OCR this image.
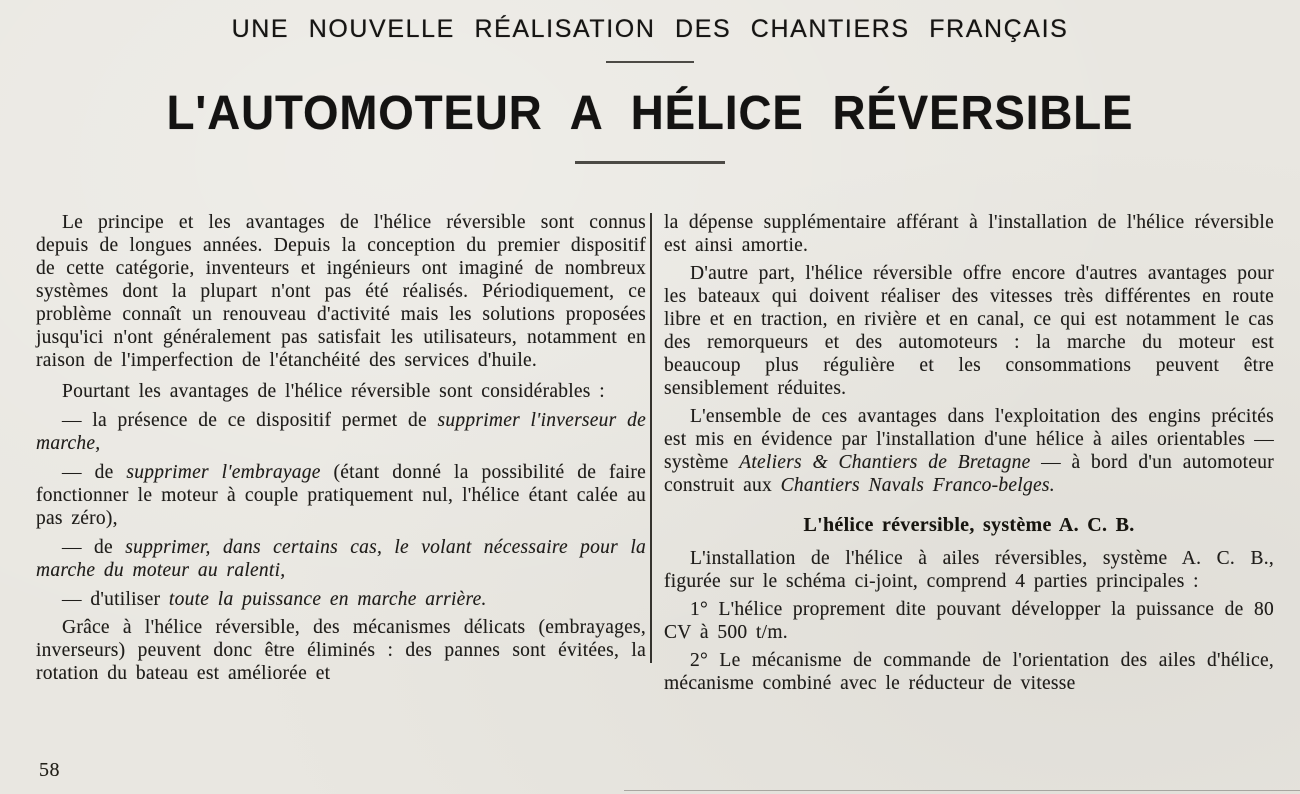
UNE NOUVELLE RÉALISATION DES CHANTIERS FRANÇAIS
L'AUTOMOTEUR A HÉLICE RÉVERSIBLE

Le principe et les avantages de l'hélice réversible sont connus depuis de longues années. Depuis la conception du premier dispositif de cette catégorie, inventeurs et ingénieurs ont imaginé de nombreux systèmes dont la plupart n'ont pas été réalisés. Périodiquement, ce problème connaît un renouveau d'activité mais les solutions proposées jusqu'ici n'ont généralement pas satisfait les utilisateurs, notamment en raison de l'imperfection de l'étanchéité des services d'huile.

Pourtant les avantages de l'hélice réversible sont considérables :

— la présence de ce dispositif permet de supprimer l'inverseur de marche,

— de supprimer l'embrayage (étant donné la possibilité de faire fonctionner le moteur à couple pratiquement nul, l'hélice étant calée au pas zéro),

— de supprimer, dans certains cas, le volant nécessaire pour la marche du moteur au ralenti,

— d'utiliser toute la puissance en marche arrière.

Grâce à l'hélice réversible, des mécanismes délicats (embrayages, inverseurs) peuvent donc être éliminés : des pannes sont évitées, la rotation du bateau est améliorée et

la dépense supplémentaire afférant à l'installation de l'hélice réversible est ainsi amortie.

D'autre part, l'hélice réversible offre encore d'autres avantages pour les bateaux qui doivent réaliser des vitesses très différentes en route libre et en traction, en rivière et en canal, ce qui est notamment le cas des remorqueurs et des automoteurs : la marche du moteur est beaucoup plus régulière et les consommations peuvent être sensiblement réduites.

L'ensemble de ces avantages dans l'exploitation des engins précités est mis en évidence par l'installation d'une hélice à ailes orientables — système Ateliers & Chantiers de Bretagne — à bord d'un automoteur construit aux Chantiers Navals Franco-belges.

L'hélice réversible, système A. C. B.

L'installation de l'hélice à ailes réversibles, système A. C. B., figurée sur le schéma ci-joint, comprend 4 parties principales :

1° L'hélice proprement dite pouvant développer la puissance de 80 CV à 500 t/m.

2° Le mécanisme de commande de l'orientation des ailes d'hélice, mécanisme combiné avec le réducteur de vitesse

58
